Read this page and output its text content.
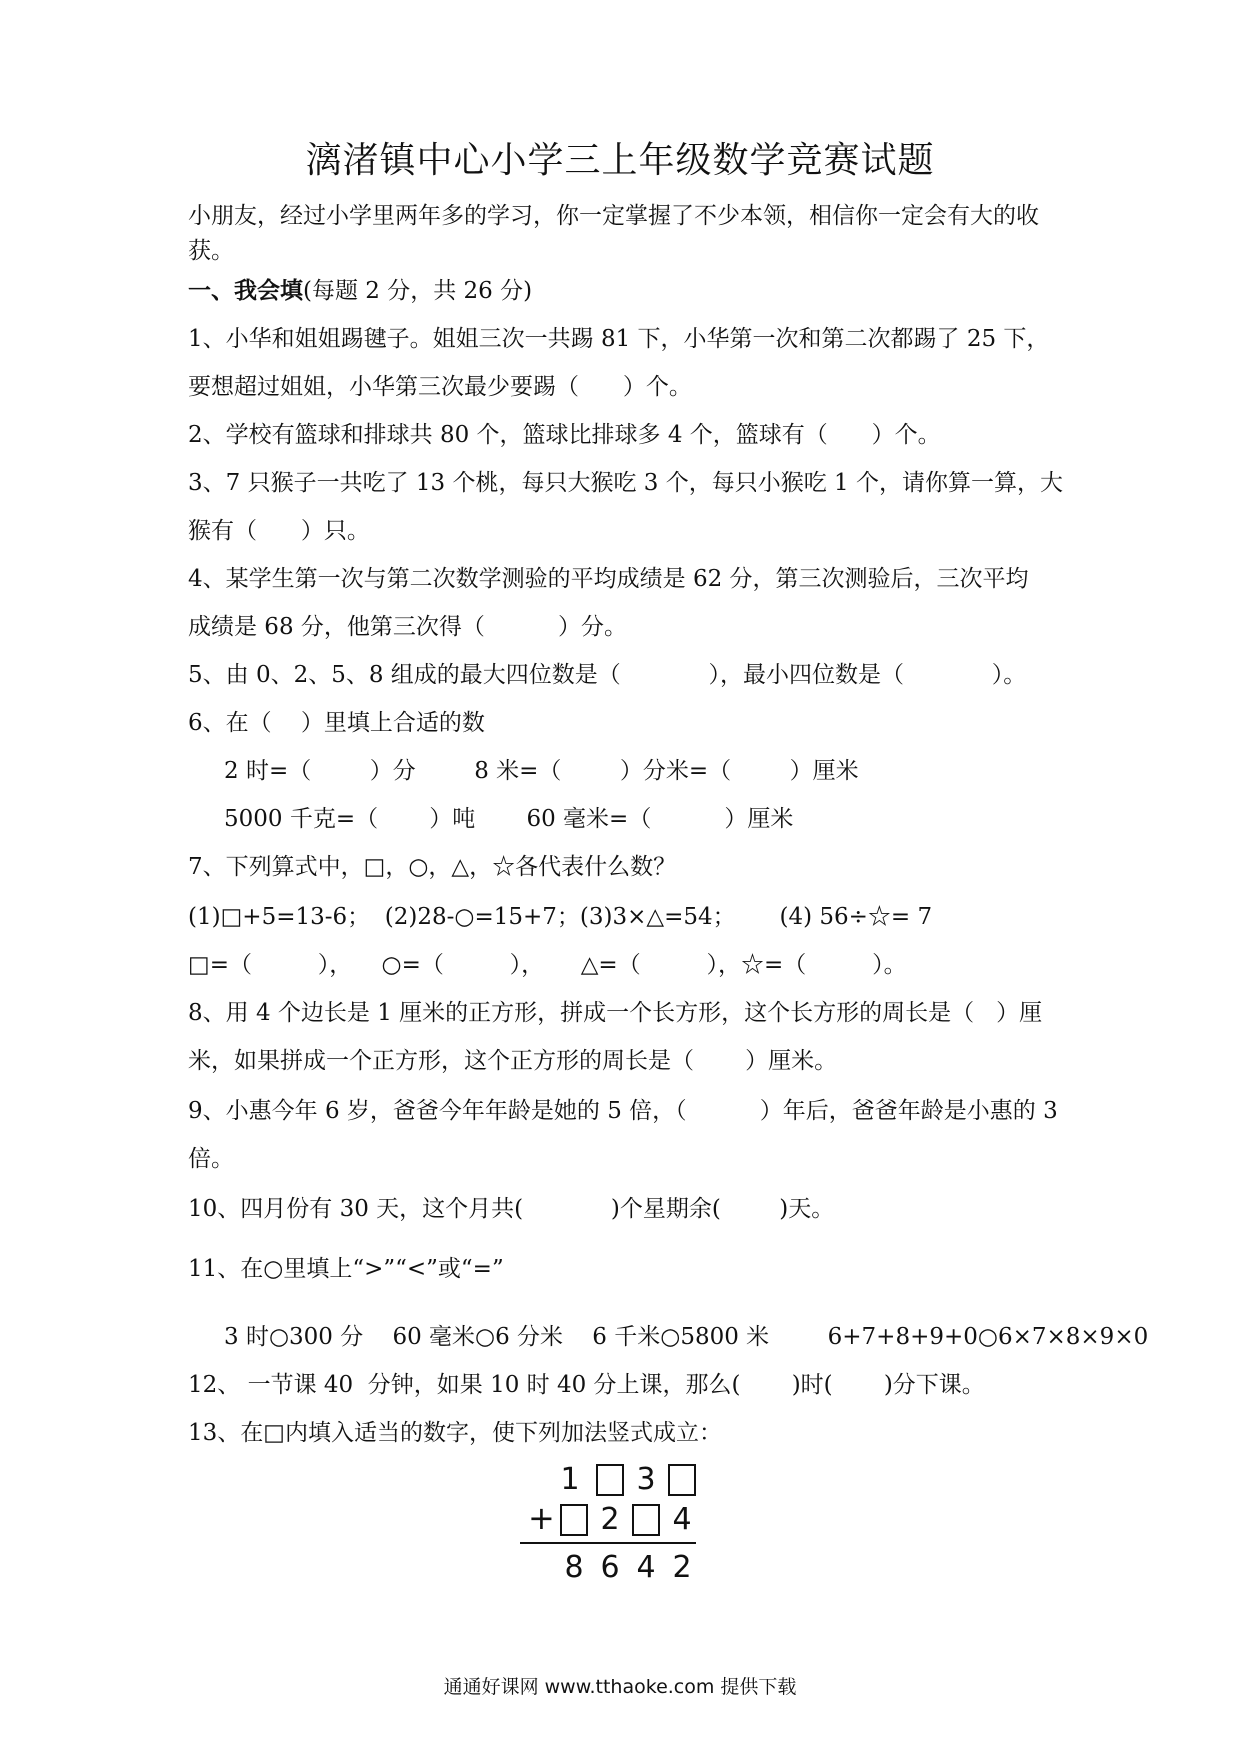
漓渚镇中心小学三上年级数学竞赛试题
小朋友，经过小学里两年多的学习，你一定掌握了不少本领，相信你一定会有大的收
获。
一、我会填(每题 2 分，共 26 分)
1、小华和姐姐踢毽子。姐姐三次一共踢 81 下，小华第一次和第二次都踢了 25 下，
要想超过姐姐，小华第三次最少要踢（      ）个。
2、学校有篮球和排球共 80 个，篮球比排球多 4 个，篮球有（      ）个。
3、7 只猴子一共吃了 13 个桃，每只大猴吃 3 个，每只小猴吃 1 个，请你算一算，大
猴有（      ）只。
4、某学生第一次与第二次数学测验的平均成绩是 62 分，第三次测验后，三次平均
成绩是 68 分，他第三次得（          ）分。
5、由 0、2、5、8 组成的最大四位数是（            ），最小四位数是（            ）。
6、在（    ）里填上合适的数
2 时=（        ）分        8 米=（        ）分米=（        ）厘米
5000 千克=（       ）吨       60 毫米=（          ）厘米
7、下列算式中，□，○，△，☆各代表什么数？
(1)□+5=13-6；  (2)28-○=15+7；(3)3×△=54；      (4) 56÷☆= 7
□=（         ），    ○=（         ），     △=（         ），☆=（         ）。
8、用 4 个边长是 1 厘米的正方形，拼成一个长方形，这个长方形的周长是（   ）厘
米，如果拼成一个正方形，这个正方形的周长是（       ）厘米。
9、小惠今年 6 岁，爸爸今年年龄是她的 5 倍，（          ）年后，爸爸年龄是小惠的 3
倍。
10、四月份有 30 天，这个月共(            )个星期余(        )天。
11、在○里填上“>”“<”或“=”
3 时○300 分    60 毫米○6 分米    6 千米○5800 米        6+7+8+9+0○6×7×8×9×0
12、 一节课 40  分钟，如果 10 时 40 分上课，那么(       )时(       )分下课。
13、在□内填入适当的数字，使下列加法竖式成立：
1 3
+ 2 4
8 6 4 2
通通好课网 www.tthaoke.com 提供下载
